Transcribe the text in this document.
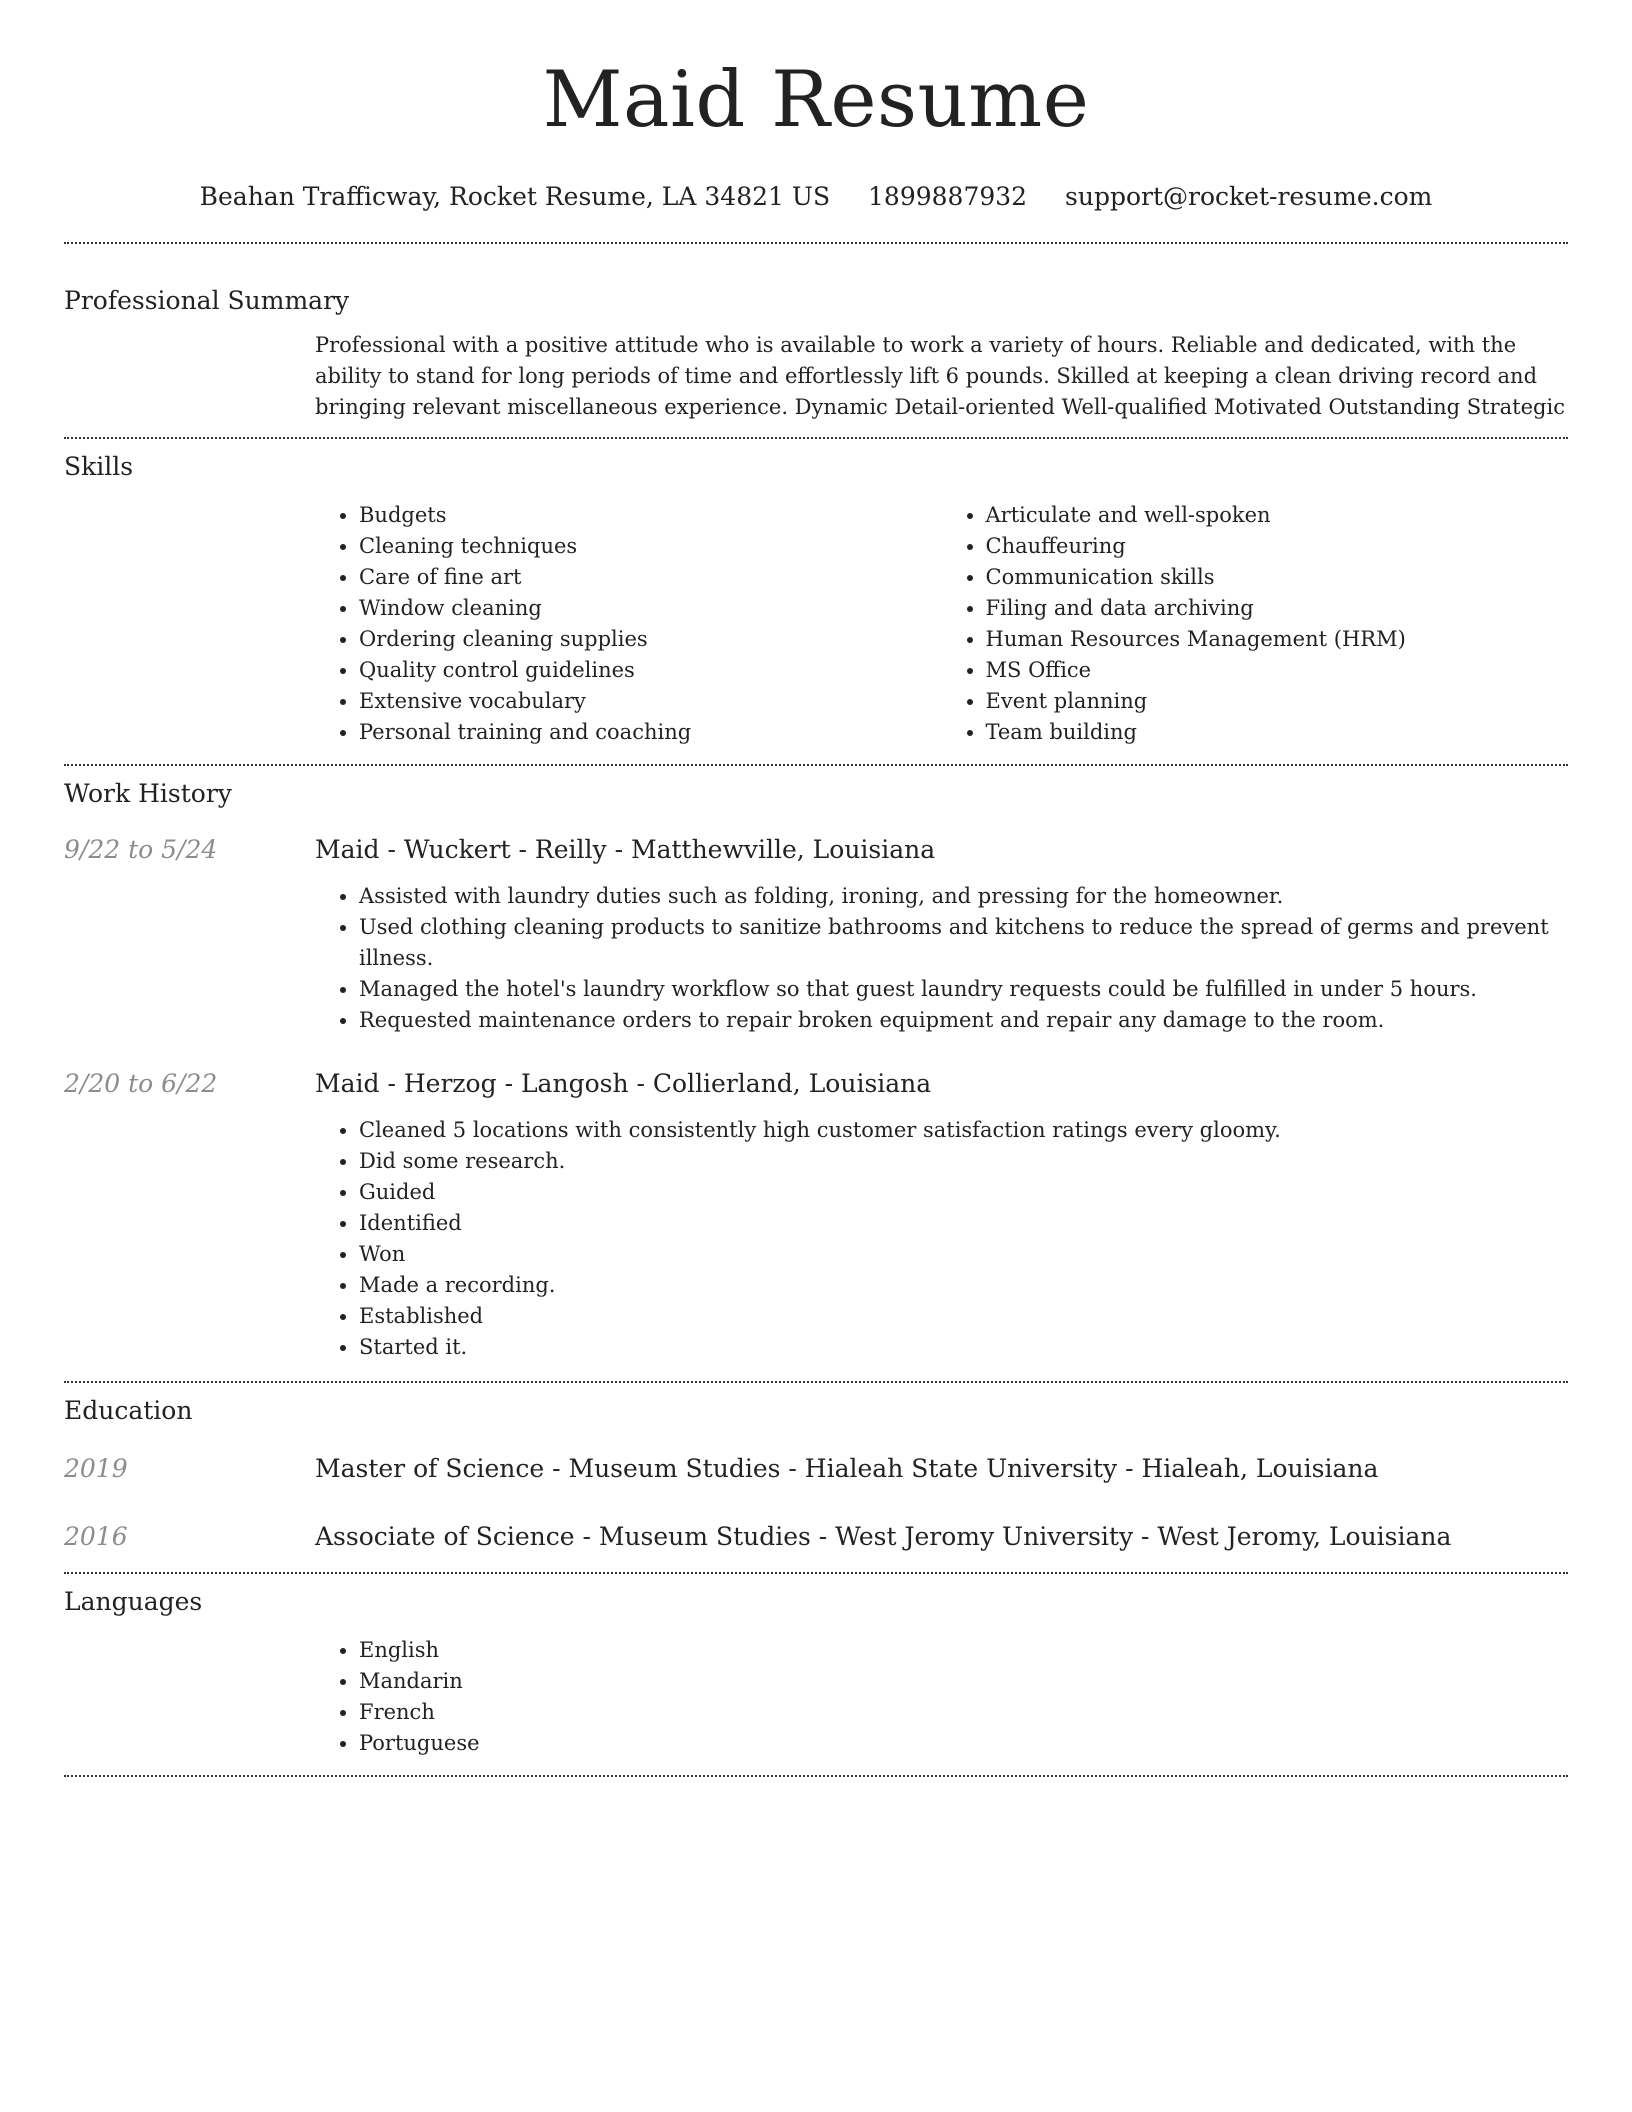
Maid Resume
Beahan Trafficway, Rocket Resume, LA 34821 US 1899887932 support@rocket-resume.com
Professional Summary

Professional with a positive attitude who is available to work a variety of hours. Reliable and dedicated, with the ability to stand for long periods of time and effortlessly lift 6 pounds. Skilled at keeping a clean driving record and bringing relevant miscellaneous experience. Dynamic Detail-oriented Well-qualified Motivated Outstanding Strategic

Skills
• Budgets
• Cleaning techniques
• Care of fine art
• Window cleaning
• Ordering cleaning supplies
• Quality control guidelines
• Extensive vocabulary
• Personal training and coaching
• Articulate and well-spoken
• Chauffeuring
• Communication skills
• Filing and data archiving
• Human Resources Management (HRM)
• MS Office
• Event planning
• Team building
Work History
9/22 to 5/24	Maid - Wuckert - Reilly - Matthewville, Louisiana
• Assisted with laundry duties such as folding, ironing, and pressing for the homeowner.
• Used clothing cleaning products to sanitize bathrooms and kitchens to reduce the spread of germs and prevent illness.
• Managed the hotel's laundry workflow so that guest laundry requests could be fulfilled in under 5 hours.
• Requested maintenance orders to repair broken equipment and repair any damage to the room.
2/20 to 6/22	Maid - Herzog - Langosh - Collierland, Louisiana
• Cleaned 5 locations with consistently high customer satisfaction ratings every gloomy.
• Did some research.
• Guided
• Identified
• Won
• Made a recording.
• Established
• Started it.
Education
2019	Master of Science - Museum Studies - Hialeah State University - Hialeah, Louisiana
2016	Associate of Science - Museum Studies - West Jeromy University - West Jeromy, Louisiana
Languages
• English
• Mandarin
• French
• Portuguese
